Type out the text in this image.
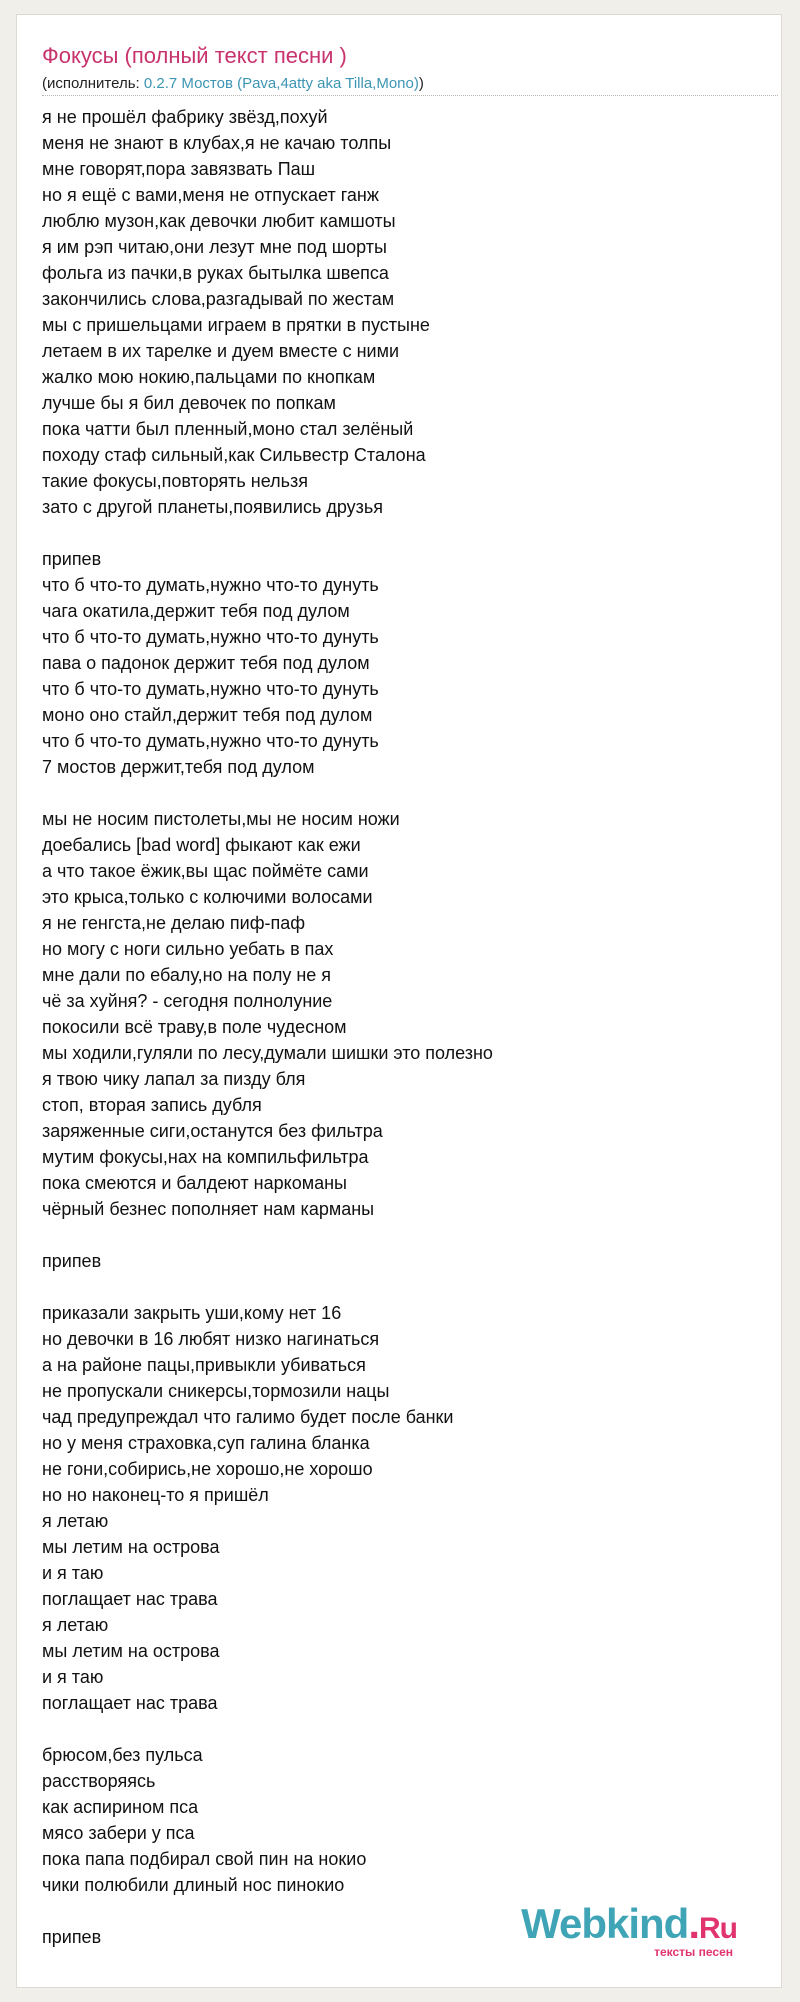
Фокусы (полный текст песни )
(исполнитель: 0.2.7 Мостов (Pava,4atty aka Tilla,Mono))
я не прошёл фабрику звёзд,похуй
меня не знают в клубах,я не качаю толпы
мне говорят,пора завязвать Паш
но я ещё с вами,меня не отпускает ганж
люблю музон,как девочки любит камшоты
я им рэп читаю,они лезут мне под шорты
фольга из пачки,в руках бытылка швепса
закончились слова,разгадывай по жестам
мы с пришельцами играем в прятки в пустыне
летаем в их тарелке и дуем вместе с ними
жалко мою нокию,пальцами по кнопкам
лучше бы я бил девочек по попкам
пока чатти был пленный,моно стал зелёный
походу стаф сильный,как Сильвестр Сталона
такие фокусы,повторять нельзя
зато с другой планеты,появились друзья
припев
что б что-то думать,нужно что-то дунуть
чага окатила,держит тебя под дулом
что б что-то думать,нужно что-то дунуть
пава о падонок держит тебя под дулом
что б что-то думать,нужно что-то дунуть
моно оно стайл,держит тебя под дулом
что б что-то думать,нужно что-то дунуть
7 мостов держит,тебя под дулом
мы не носим пистолеты,мы не носим ножи
доебались [bad word] фыкают как ежи
а что такое ёжик,вы щас поймёте сами
это крыса,только с колючими волосами
я не генгста,не делаю пиф-паф
но могу с ноги сильно уебать в пах
мне дали по ебалу,но на полу не я
чё за хуйня? - сегодня полнолуние
покосили всё траву,в поле чудесном
мы ходили,гуляли по лесу,думали шишки это полезно
я твою чику лапал за пизду бля
стоп, вторая запись дубля
заряженные сиги,останутся без фильтра
мутим фокусы,нах на компильфильтра
пока смеются и балдеют наркоманы
чёрный безнес пополняет нам карманы
припев
приказали закрыть уши,кому нет 16
но девочки в 16 любят низко нагинаться
а на районе пацы,привыкли убиваться
не пропускали сникерсы,тормозили нацы
чад предупреждал что галимо будет после банки
но у меня страховка,суп галина бланка
не гони,собирись,не хорошо,не хорошо
но но наконец-то я пришёл
я летаю
мы летим на острова
и я таю
поглащает нас трава
я летаю
мы летим на острова
и я таю
поглащает нас трава
брюсом,без пульса
расстворяясь
как аспирином пса
мясо забери у пса
пока папа подбирал свой пин на нокио
чики полюбили длиный нос пинокио
припев	Webkind.Ru
тексты песен
